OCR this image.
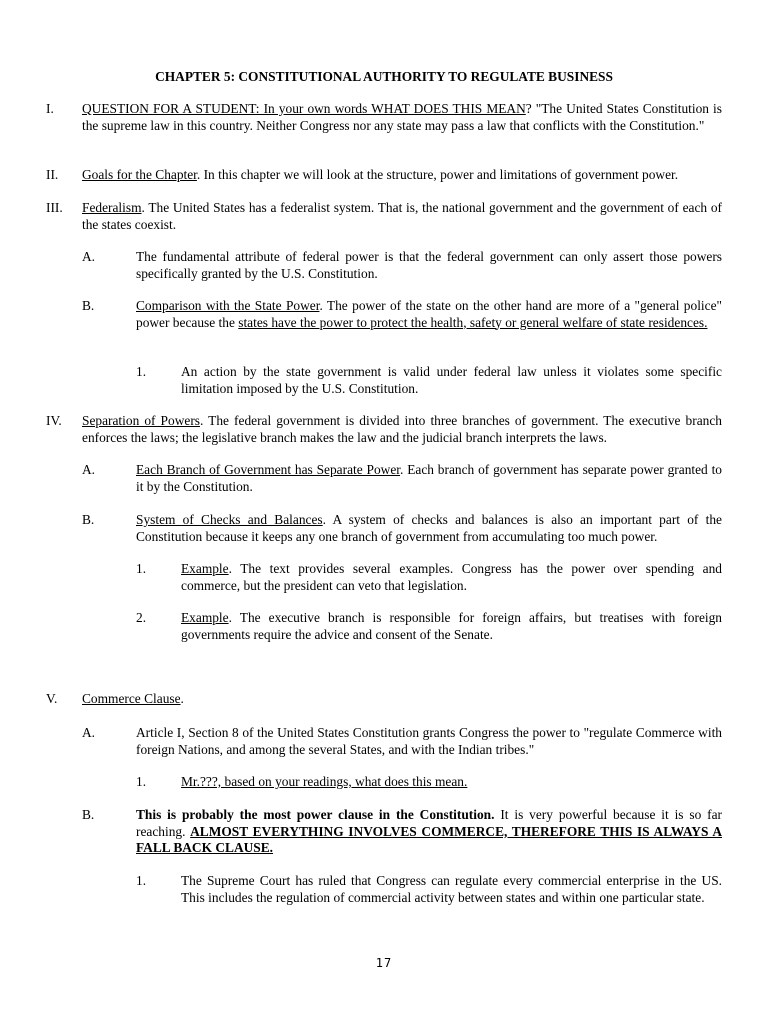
CHAPTER 5: CONSTITUTIONAL AUTHORITY TO REGULATE BUSINESS
I. QUESTION FOR A STUDENT: In your own words WHAT DOES THIS MEAN? "The United States Constitution is the supreme law in this country. Neither Congress nor any state may pass a law that conflicts with the Constitution."
II. Goals for the Chapter. In this chapter we will look at the structure, power and limitations of government power.
III. Federalism. The United States has a federalist system. That is, the national government and the government of each of the states coexist.
A.	The fundamental attribute of federal power is that the federal government can only assert those powers specifically granted by the U.S. Constitution.
B.	Comparison with the State Power. The power of the state on the other hand are more of a "general police" power because the states have the power to protect the health, safety or general welfare of state residences.
1.	An action by the state government is valid under federal law unless it violates some specific limitation imposed by the U.S. Constitution.
IV. Separation of Powers. The federal government is divided into three branches of government. The executive branch enforces the laws; the legislative branch makes the law and the judicial branch interprets the laws.
A.	Each Branch of Government has Separate Power. Each branch of government has separate power granted to it by the Constitution.
B.	System of Checks and Balances. A system of checks and balances is also an important part of the Constitution because it keeps any one branch of government from accumulating too much power.
1.	Example. The text provides several examples. Congress has the power over spending and commerce, but the president can veto that legislation.
2.	Example. The executive branch is responsible for foreign affairs, but treatises with foreign governments require the advice and consent of the Senate.
V. Commerce Clause.
A.	Article I, Section 8 of the United States Constitution grants Congress the power to "regulate Commerce with foreign Nations, and among the several States, and with the Indian tribes."
1.	Mr.???, based on your readings, what does this mean.
B.	This is probably the most power clause in the Constitution. It is very powerful because it is so far reaching. ALMOST EVERYTHING INVOLVES COMMERCE, THEREFORE THIS IS ALWAYS A FALL BACK CLAUSE.
1.	The Supreme Court has ruled that Congress can regulate every commercial enterprise in the US. This includes the regulation of commercial activity between states and within one particular state.
17
